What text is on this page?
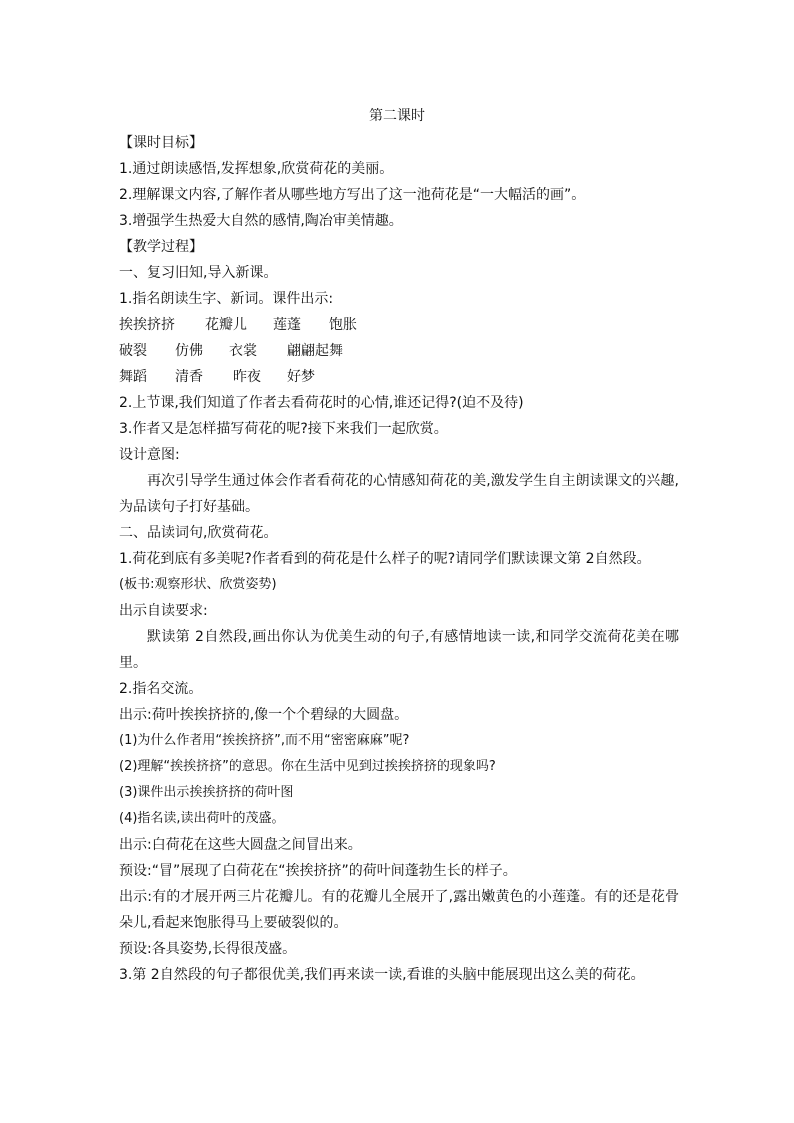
第二课时
【课时目标】
1.通过朗读感悟,发挥想象,欣赏荷花的美丽。
2.理解课文内容,了解作者从哪些地方写出了这一池荷花是“一大幅活的画”。
3.增强学生热爱大自然的感情,陶冶审美情趣。
【教学过程】
一、复习旧知,导入新课。
1.指名朗读生字、新词。课件出示:
挨挨挤挤	花瓣儿	莲蓬	饱胀
破裂	仿佛	衣裳	翩翩起舞
舞蹈	清香	昨夜	好梦
2.上节课,我们知道了作者去看荷花时的心情,谁还记得?(迫不及待)
3.作者又是怎样描写荷花的呢?接下来我们一起欣赏。
设计意图:
再次引导学生通过体会作者看荷花的心情感知荷花的美,激发学生自主朗读课文的兴趣,为品读句子打好基础。
二、品读词句,欣赏荷花。
1.荷花到底有多美呢?作者看到的荷花是什么样子的呢?请同学们默读课文第 2自然段。
(板书:观察形状、欣赏姿势)
出示自读要求:
默读第 2自然段,画出你认为优美生动的句子,有感情地读一读,和同学交流荷花美在哪里。
2.指名交流。
出示:荷叶挨挨挤挤的,像一个个碧绿的大圆盘。
(1)为什么作者用“挨挨挤挤”,而不用“密密麻麻”呢?
(2)理解“挨挨挤挤”的意思。你在生活中见到过挨挨挤挤的现象吗?
(3)课件出示挨挨挤挤的荷叶图
(4)指名读,读出荷叶的茂盛。
出示:白荷花在这些大圆盘之间冒出来。
预设:“冒”展现了白荷花在“挨挨挤挤”的荷叶间蓬勃生长的样子。
出示:有的才展开两三片花瓣儿。有的花瓣儿全展开了,露出嫩黄色的小莲蓬。有的还是花骨朵儿,看起来饱胀得马上要破裂似的。
预设:各具姿势,长得很茂盛。
3.第 2自然段的句子都很优美,我们再来读一读,看谁的头脑中能展现出这么美的荷花。
